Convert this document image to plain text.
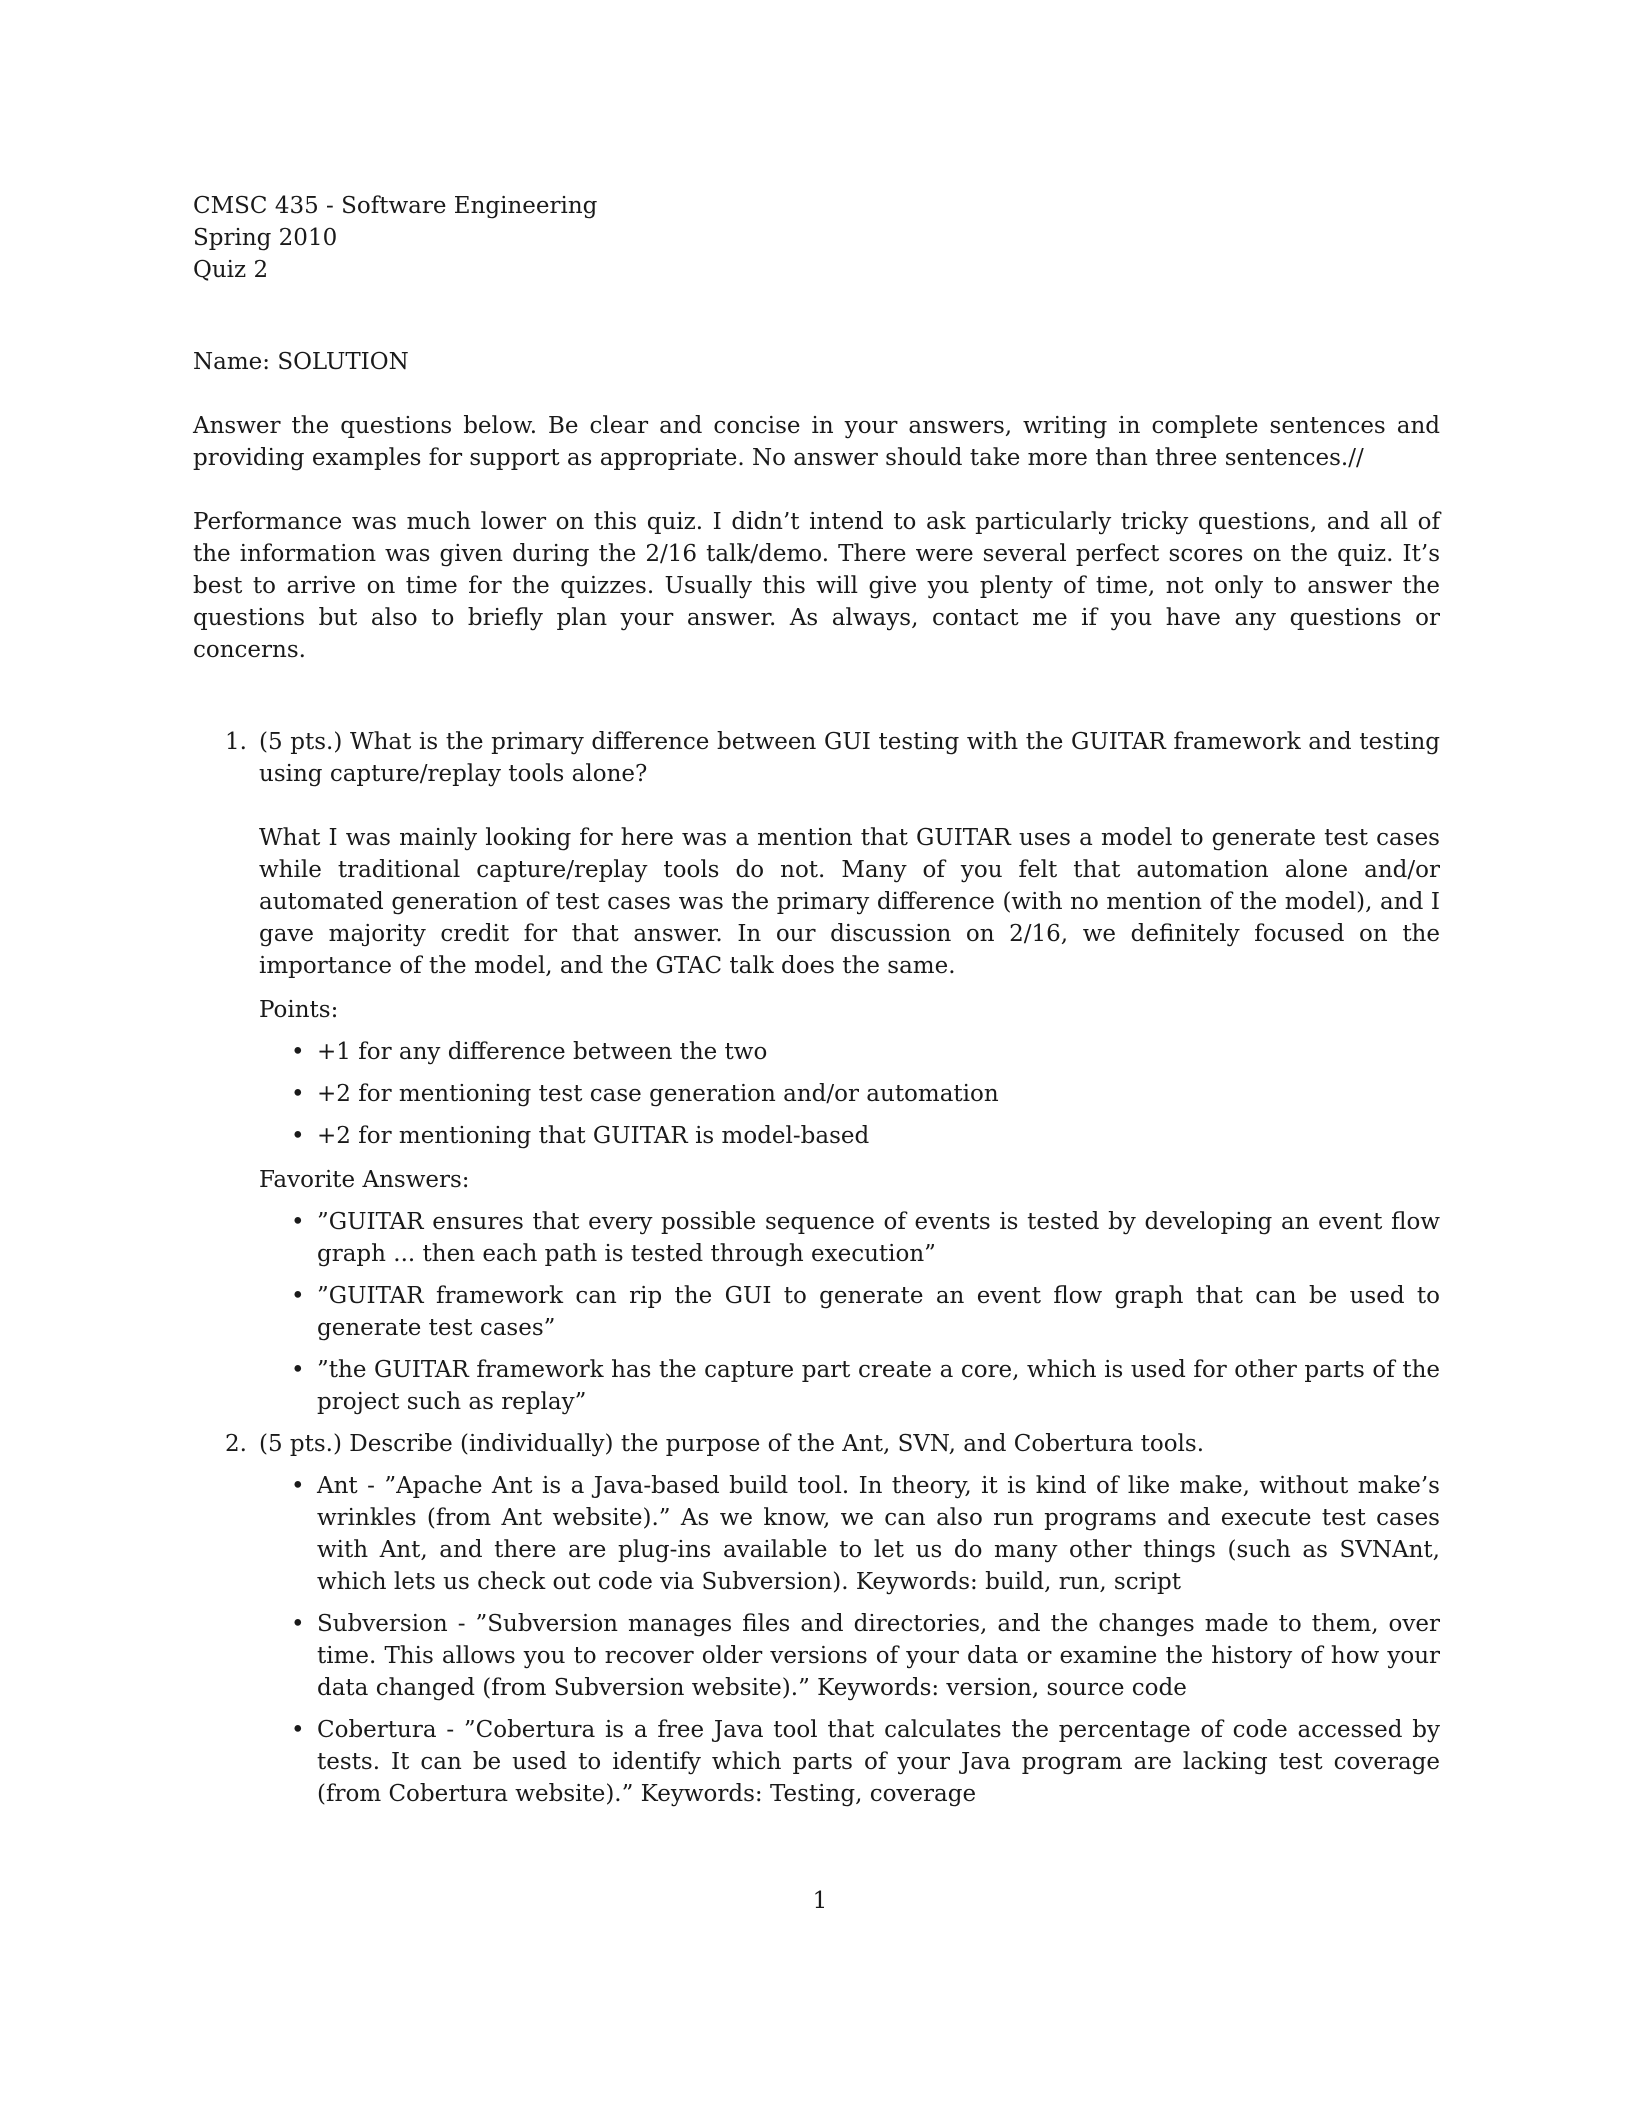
CMSC 435 - Software Engineering
Spring 2010
Quiz 2
Name: SOLUTION
Answer the questions below. Be clear and concise in your answers, writing in complete sentences and providing examples for support as appropriate. No answer should take more than three sentences.//
Performance was much lower on this quiz. I didn’t intend to ask particularly tricky questions, and all of the information was given during the 2/16 talk/demo. There were several perfect scores on the quiz. It’s best to arrive on time for the quizzes. Usually this will give you plenty of time, not only to answer the questions but also to briefly plan your answer. As always, contact me if you have any questions or concerns.
1. (5 pts.) What is the primary difference between GUI testing with the GUITAR framework and testing using capture/replay tools alone?
What I was mainly looking for here was a mention that GUITAR uses a model to generate test cases while traditional capture/replay tools do not. Many of you felt that automation alone and/or automated generation of test cases was the primary difference (with no mention of the model), and I gave majority credit for that answer. In our discussion on 2/16, we definitely focused on the importance of the model, and the GTAC talk does the same.
Points:
• +1 for any difference between the two
• +2 for mentioning test case generation and/or automation
• +2 for mentioning that GUITAR is model-based
Favorite Answers:
• ”GUITAR ensures that every possible sequence of events is tested by developing an event flow graph ... then each path is tested through execution”
• ”GUITAR framework can rip the GUI to generate an event flow graph that can be used to generate test cases”
• ”the GUITAR framework has the capture part create a core, which is used for other parts of the project such as replay”
2. (5 pts.) Describe (individually) the purpose of the Ant, SVN, and Cobertura tools.
• Ant - ”Apache Ant is a Java-based build tool. In theory, it is kind of like make, without make’s wrinkles (from Ant website).” As we know, we can also run programs and execute test cases with Ant, and there are plug-ins available to let us do many other things (such as SVNAnt, which lets us check out code via Subversion). Keywords: build, run, script
• Subversion - ”Subversion manages files and directories, and the changes made to them, over time. This allows you to recover older versions of your data or examine the history of how your data changed (from Subversion website).” Keywords: version, source code
• Cobertura - ”Cobertura is a free Java tool that calculates the percentage of code accessed by tests. It can be used to identify which parts of your Java program are lacking test coverage (from Cobertura website).” Keywords: Testing, coverage
1
